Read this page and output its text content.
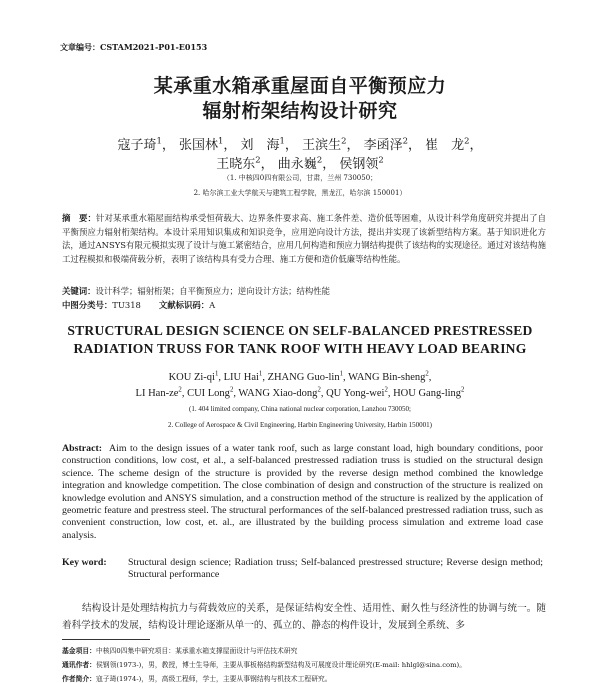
文章编号：CSTAM2021-P01-E0153
某承重水箱承重屋面自平衡预应力
辐射桁架结构设计研究
寇子琦$^1$， 张国林$^1$， 刘　海$^1$， 王滨生$^2$， 李函泽$^2$， 崔　龙$^2$，
王晓东$^2$， 曲永巍$^2$， 侯钢领$^2$
（1. 中核四0四有限公司，甘肃，兰州 730050；
2. 哈尔滨工业大学航天与建筑工程学院，黑龙江，哈尔滨 150001）
摘　要：针对某承重水箱屋面结构承受恒荷载大、边界条件要求高、施工条件差、造价低等困难，从设计科学角度研究并提出了自平衡预应力辐射桁架结构。本设计采用知识集成和知识竞争，应用逆向设计方法，提出并实现了该新型结构方案。基于知识进化方法，通过ANSYS有限元模拟实现了设计与施工紧密结合，应用几何构造和预应力钢结构提供了该结构的实现途径。通过对该结构施工过程模拟和极端荷载分析，表明了该结构具有受力合理、施工方便和造价低廉等结构性能。
关键词：设计科学；辐射桁架；自平衡预应力；逆向设计方法；结构性能
中图分类号：TU318 文献标识码：A
STRUCTURAL DESIGN SCIENCE ON SELF-BALANCED PRESTRESSED
RADIATION TRUSS FOR TANK ROOF WITH HEAVY LOAD BEARING
KOU $Zi-qi^1$, LIU Hai$^1$, ZHANG Guo-lin$^1$, WANG Bin-sheng$^2$,
LI Han-$ze^2$, CUI Long$^2$, WANG Xiao-dong$^2$, QU Yong-wei$^2$, HOU Gang-ling$^2$
(1. 404 limited company, China national nuclear corporation, Lanzhou 730050;
2. College of Aerospace & Civil Engineering, Harbin Engineering University, Harbin 150001)
Abstract: Aim to the design issues of a water tank roof, such as large constant load, high boundary conditions, poor construction conditions, low cost, et al., a self-balanced prestressed radiation truss is studied on the structural design science. The scheme design of the structure is provided by the reverse design method combined the knowledge integration and knowledge competition. The close combination of design and construction of the structure is realized on knowledge evolution and ANSYS simulation, and a construction method of the structure is realized by the application of geometric feature and prestress steel. The structural performances of the self-balanced prestressed radiation truss, such as convenient construction, low cost, et. al., are illustrated by the building process simulation and extreme load case analysis.
Key word: Structural design science; Radiation truss; Self-balanced prestressed structure; Reverse design method; Structural performance
结构设计是处理结构抗力与荷载效应的关系，是保证结构安全性、适用性、耐久性与经济性的协调与统一。随着科学技术的发展，结构设计理论逐渐从单一的、孤立的、静态的构件设计，发展到全系统、多
基金项目：中核四0四集中研究项目：某承重水箱支撑屋面设计与评估技术研究
通讯作者：侯钢领(1973-)，男，教授，博士生导师，主要从事板格结构新型结构及可展度设计理论研究(E-mail: hhlgl@sina.com)。
作者简介：寇子琦(1974-)，男，高级工程师，学士，主要从事钢结构与机技术工程研究。
